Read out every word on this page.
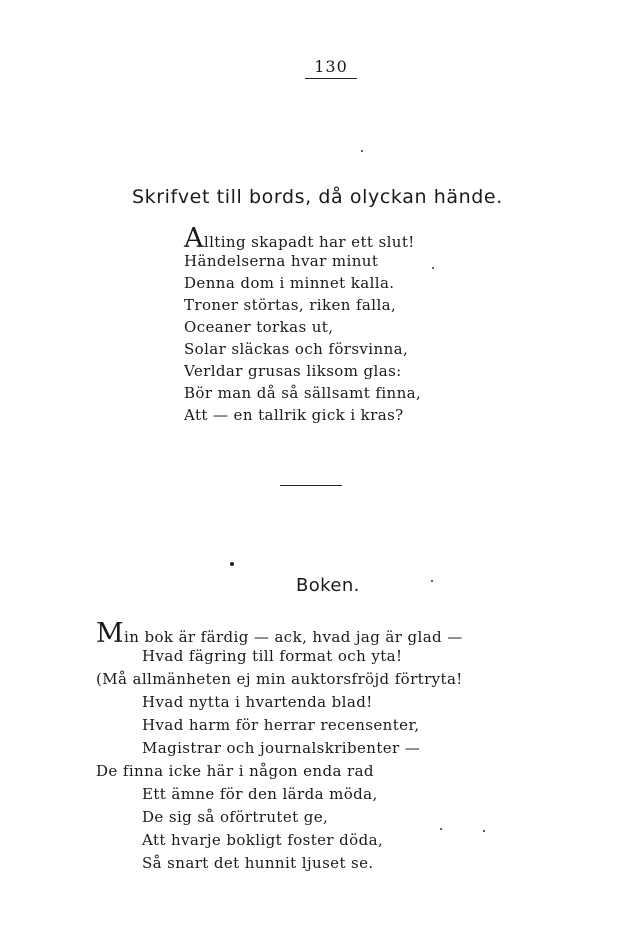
130
Skrifvet till bords, då olyckan hände.
Allting skapadt har ett slut!
Händelserna hvar minut
Denna dom i minnet kalla.
Troner störtas, riken falla,
Oceaner torkas ut,
Solar släckas och försvinna,
Verldar grusas liksom glas:
Bör man då så sällsamt finna,
Att — en tallrik gick i kras?
Boken.
Min bok är färdig — ack, hvad jag är glad —
Hvad fägring till format och yta!
(Må allmänheten ej min auktorsfröjd förtryta!
Hvad nytta i hvartenda blad!
Hvad harm för herrar recensenter,
Magistrar och journalskribenter —
De finna icke här i någon enda rad
Ett ämne för den lärda möda,
De sig så oförtrutet ge,
Att hvarje bokligt foster döda,
Så snart det hunnit ljuset se.
